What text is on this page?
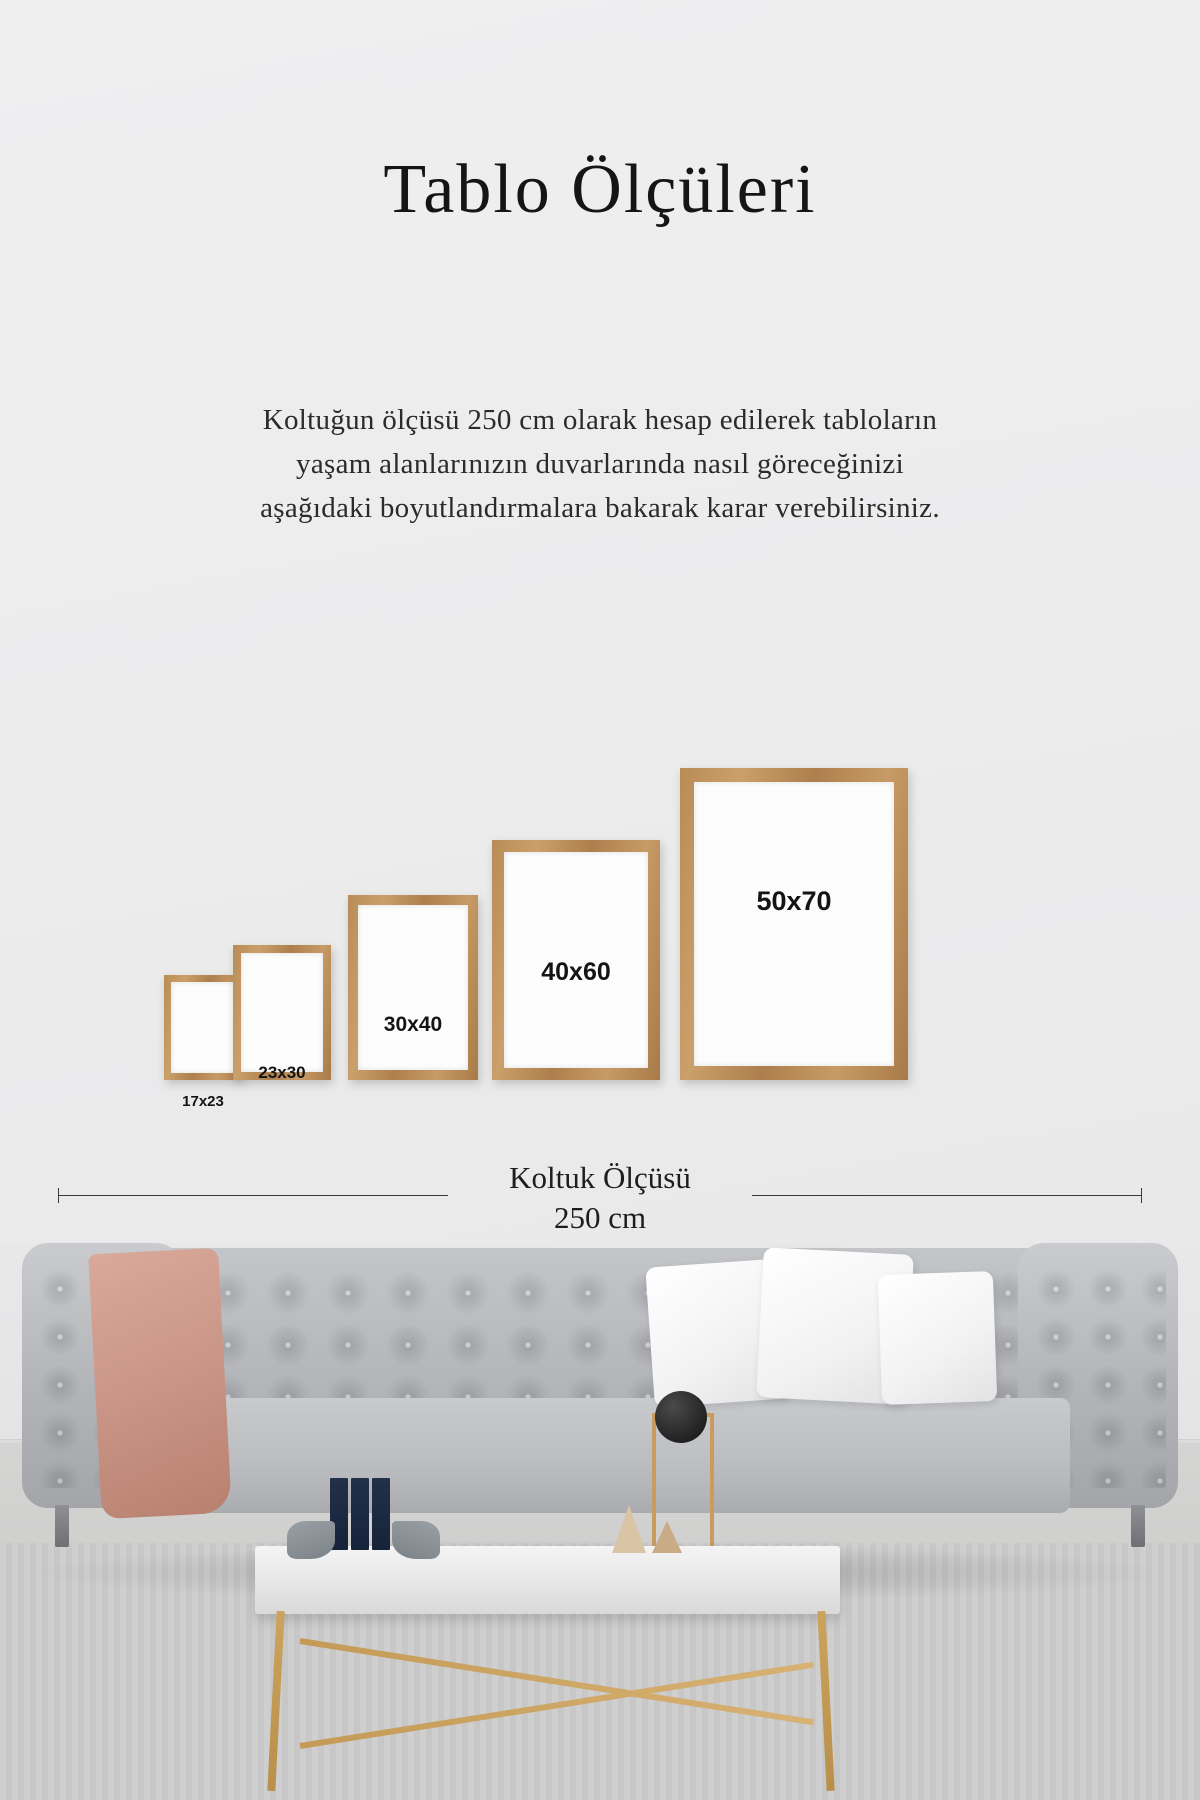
Tablo Ölçüleri
Koltuğun ölçüsü 250 cm olarak hesap edilerek tabloların
yaşam alanlarınızın duvarlarında nasıl göreceğinizi
aşağıdaki boyutlandırmalara bakarak karar verebilirsiniz.
17x23
23x30
30x40
40x60
50x70
Koltuk Ölçüsü
250 cm
